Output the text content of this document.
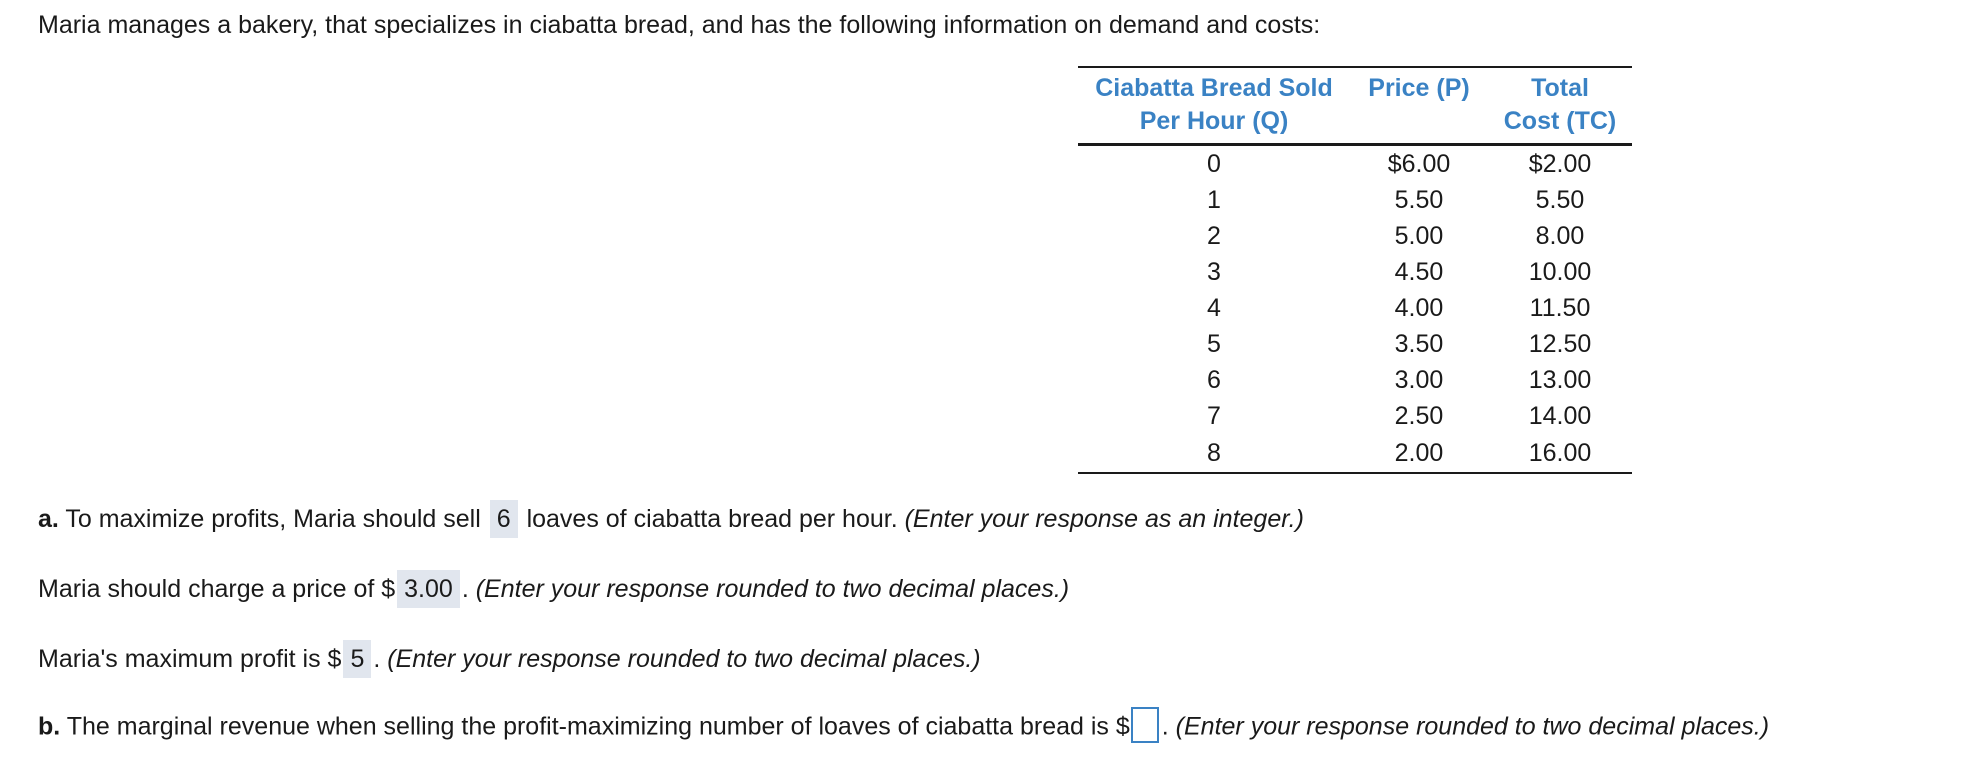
Maria manages a bakery, that specializes in ciabatta bread, and has the following information on demand and costs:
Ciabatta Bread Sold
Per Hour (Q)	Price (P)	Total
Cost (TC)

0	$6.00	$2.00
1	5.50	5.50
2	5.00	8.00
3	4.50	10.00
4	4.00	11.50
5	3.50	12.50
6	3.00	13.00
7	2.50	14.00
8	2.00	16.00
a. To maximize profits, Maria should sell 6 loaves of ciabatta bread per hour. (Enter your response as an integer.)
Maria should charge a price of $ 3.00 . (Enter your response rounded to two decimal places.)
Maria's maximum profit is $ 5 . (Enter your response rounded to two decimal places.)
b. The marginal revenue when selling the profit-maximizing number of loaves of ciabatta bread is $ . (Enter your response rounded to two decimal places.)
